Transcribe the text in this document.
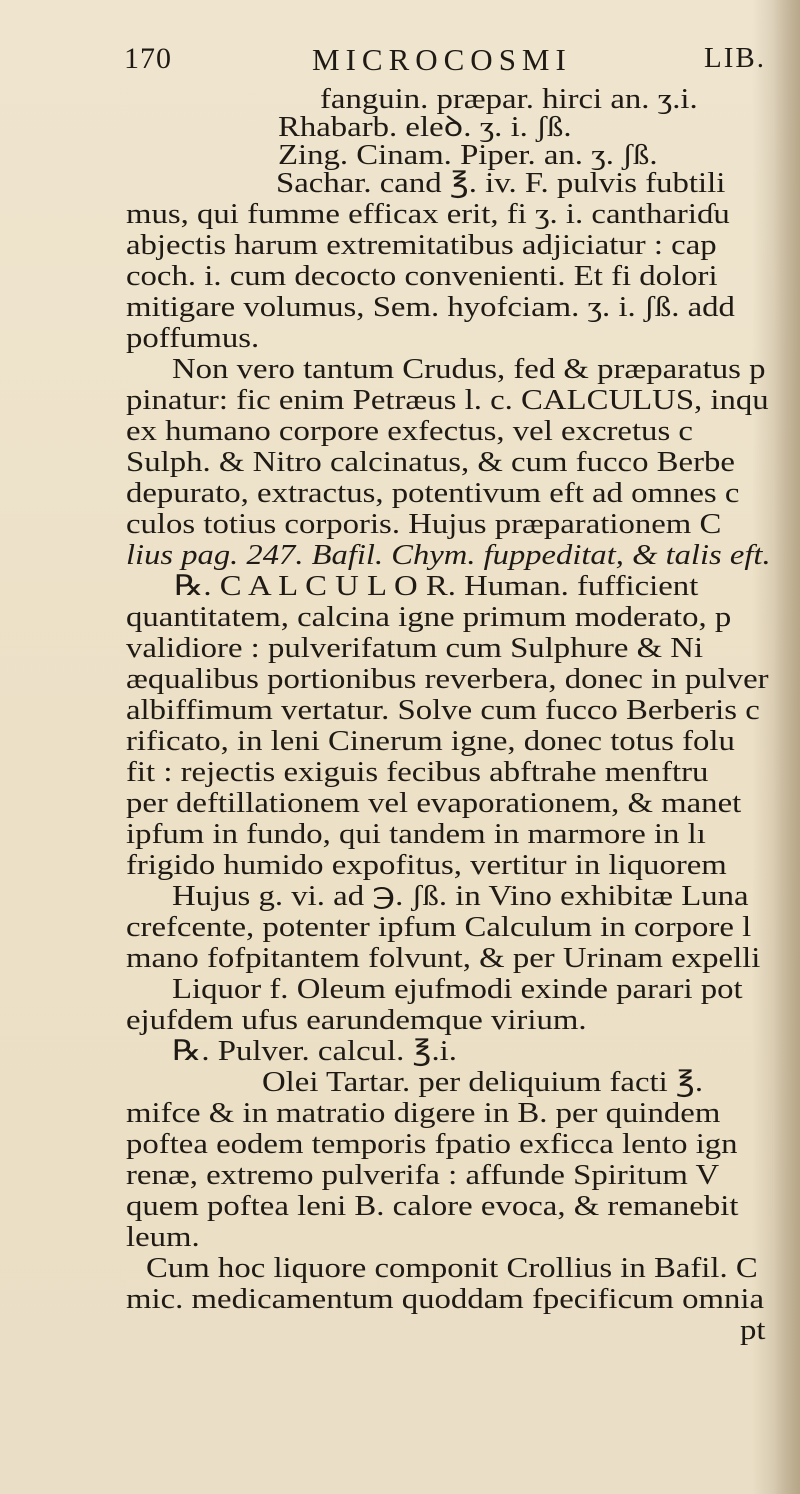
170	MICROCOSMI	LIB.
fanguin. præpar. hirci an. ʒ.i.
Rhabarb. eleꝺ. ʒ. i. ʃß.
Zing. Cinam. Piper. an. ʒ. ʃß.
Sachar. cand ℥. iv. F. pulvis fubtili
mus, qui fumme efficax erit, fi ʒ. i. canthariɗu
abjectis harum extremitatibus adjiciatur : cap
coch. i. cum decocto convenienti. Et fi dolori
mitigare volumus, Sem. hyofciam. ʒ. i. ʃß. add
poffumus.
Non vero tantum Crudus, fed & præparatus p
pinatur: fic enim Petræus l. c. CALCULUS, inqu
ex humano corpore exfectus, vel excretus c
Sulph. & Nitro calcinatus, & cum fucco Berbe
depurato, extractus, potentivum eft ad omnes c
culos totius corporis. Hujus præparationem C
lius pag. 247. Bafil. Chym. fuppeditat, & talis eft.
℞. C A L C U L O R. Human. fufficient
quantitatem, calcina igne primum moderato, p
validiore : pulverifatum cum Sulphure & Ni
æqualibus portionibus reverbera, donec in pulver
albiffimum vertatur. Solve cum fucco Berberis c
rificato, in leni Cinerum igne, donec totus folu
fit : rejectis exiguis fecibus abftrahe menftru
per deftillationem vel evaporationem, & manet
ipfum in fundo, qui tandem in marmore in lı
frigido humido expofitus, vertitur in liquorem
Hujus g. vi. ad ℈. ʃß. in Vino exhibitæ Luna
crefcente, potenter ipfum Calculum in corpore l
mano fofpitantem folvunt, & per Urinam expelli
Liquor f. Oleum ejufmodi exinde parari pot
ejufdem ufus earundemque virium.
℞. Pulver. calcul. ℥.i.
Olei Tartar. per deliquium facti ℥.
mifce & in matratio digere in B. per quindem
poftea eodem temporis fpatio exficca lento ign
renæ, extremo pulverifa : affunde Spiritum V
quem poftea leni B. calore evoca, & remanebit
leum.
Cum hoc liquore componit Crollius in Bafil. C
mic. medicamentum quoddam fpecificum omnia
pt
